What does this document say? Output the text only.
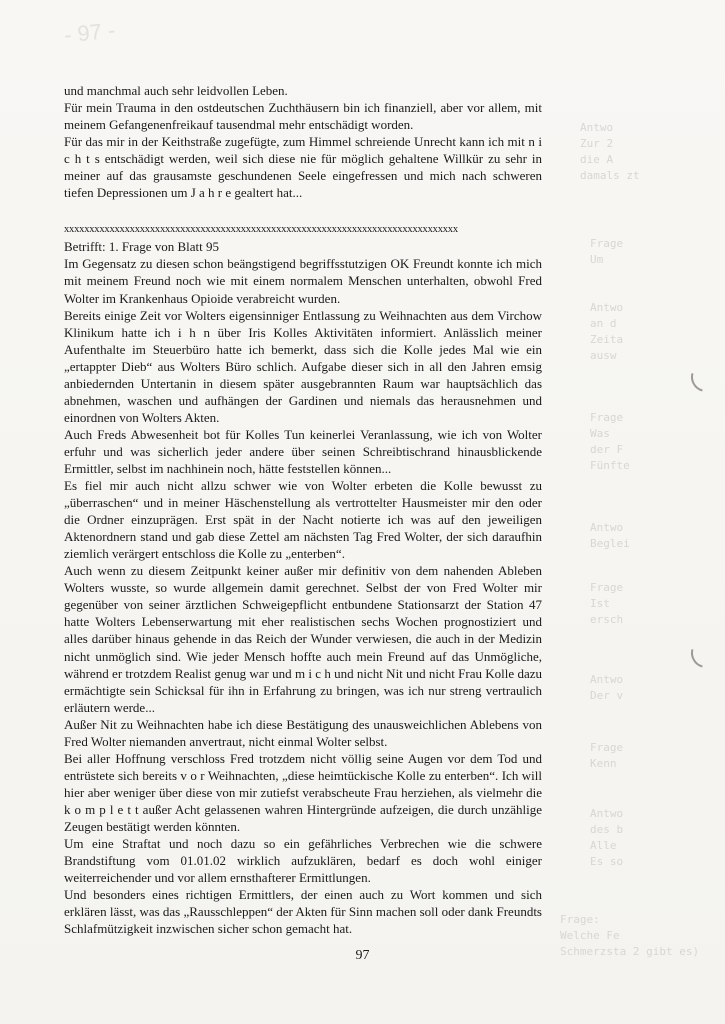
- 97 -
Antwo
Zur 2
die A
damals zt
Frage
Um
Antwo
an d
Zeita
ausw
Frage
Was
der F
Fünfte
Antwo
Beglei
Frage
Ist
ersch
Antwo
Der v
Frage
Kenn
Antwo
des b
Alle
Es so
Frage:
Welche Fe
Schmerzsta 2 gibt es)

und manchmal auch sehr leidvollen Leben.

Für mein Trauma in den ostdeutschen Zuchthäusern bin ich finanziell, aber vor allem, mit meinem Gefangenenfreikauf tausendmal mehr entschädigt worden.

Für das mir in der Keithstraße zugefügte, zum Himmel schreiende Unrecht kann ich mit n i c h t s entschädigt werden, weil sich diese nie für möglich gehaltene Willkür zu sehr in meiner auf das grausamste geschundenen Seele eingefressen und mich nach schweren tiefen Depressionen um J a h r e gealtert hat...

xxxxxxxxxxxxxxxxxxxxxxxxxxxxxxxxxxxxxxxxxxxxxxxxxxxxxxxxxxxxxxxxxxxxxxxxxxxxxx

Betrifft: 1. Frage von Blatt 95

Im Gegensatz zu diesen schon beängstigend begriffsstutzigen OK Freundt konnte ich mich mit meinem Freund noch wie mit einem normalem Menschen unterhalten, obwohl Fred Wolter im Krankenhaus Opioide verabreicht wurden.

Bereits einige Zeit vor Wolters eigensinniger Entlassung zu Weihnachten aus dem Virchow Klinikum hatte ich i h n über Iris Kolles Aktivitäten informiert. Anlässlich meiner Aufenthalte im Steuerbüro hatte ich bemerkt, dass sich die Kolle jedes Mal wie ein „ertappter Dieb“ aus Wolters Büro schlich. Aufgabe dieser sich in all den Jahren emsig anbiedernden Untertanin in diesem später ausgebrannten Raum war hauptsächlich das abnehmen, waschen und aufhängen der Gardinen und niemals das herausnehmen und einordnen von Wolters Akten.

Auch Freds Abwesenheit bot für Kolles Tun keinerlei Veranlassung, wie ich von Wolter erfuhr und was sicherlich jeder andere über seinen Schreibtischrand hinausblickende Ermittler, selbst im nachhinein noch, hätte feststellen können...

Es fiel mir auch nicht allzu schwer wie von Wolter erbeten die Kolle bewusst zu „überraschen“ und in meiner Häschenstellung als vertrottelter Hausmeister mir den oder die Ordner einzuprägen. Erst spät in der Nacht notierte ich was auf den jeweiligen Aktenordnern stand und gab diese Zettel am nächsten Tag Fred Wolter, der sich daraufhin ziemlich verärgert entschloss die Kolle zu „enterben“.

Auch wenn zu diesem Zeitpunkt keiner außer mir definitiv von dem nahenden Ableben Wolters wusste, so wurde allgemein damit gerechnet. Selbst der von Fred Wolter mir gegenüber von seiner ärztlichen Schweigepflicht entbundene Stationsarzt der Station 47 hatte Wolters Lebenserwartung mit eher realistischen sechs Wochen prognostiziert und alles darüber hinaus gehende in das Reich der Wunder verwiesen, die auch in der Medizin nicht unmöglich sind. Wie jeder Mensch hoffte auch mein Freund auf das Unmögliche, während er trotzdem Realist genug war und m i c h und nicht Nit und nicht Frau Kolle dazu ermächtigte sein Schicksal für ihn in Erfahrung zu bringen, was ich nur streng vertraulich erläutern werde...

Außer Nit zu Weihnachten habe ich diese Bestätigung des unausweichlichen Ablebens von Fred Wolter niemanden anvertraut, nicht einmal Wolter selbst.

Bei aller Hoffnung verschloss Fred trotzdem nicht völlig seine Augen vor dem Tod und entrüstete sich bereits v o r Weihnachten, „diese heimtückische Kolle zu enterben“. Ich will hier aber weniger über diese von mir zutiefst verabscheute Frau herziehen, als vielmehr die k o m p l e t t außer Acht gelassenen wahren Hintergründe aufzeigen, die durch unzählige Zeugen bestätigt werden könnten.

Um eine Straftat und noch dazu so ein gefährliches Verbrechen wie die schwere Brandstiftung vom 01.01.02 wirklich aufzuklären, bedarf es doch wohl einiger weiterreichender und vor allem ernsthafterer Ermittlungen.

Und besonders eines richtigen Ermittlers, der einen auch zu Wort kommen und sich erklären lässt, was das „Rausschleppen“ der Akten für Sinn machen soll oder dank Freundts Schlafmützigkeit inzwischen sicher schon gemacht hat.

97
